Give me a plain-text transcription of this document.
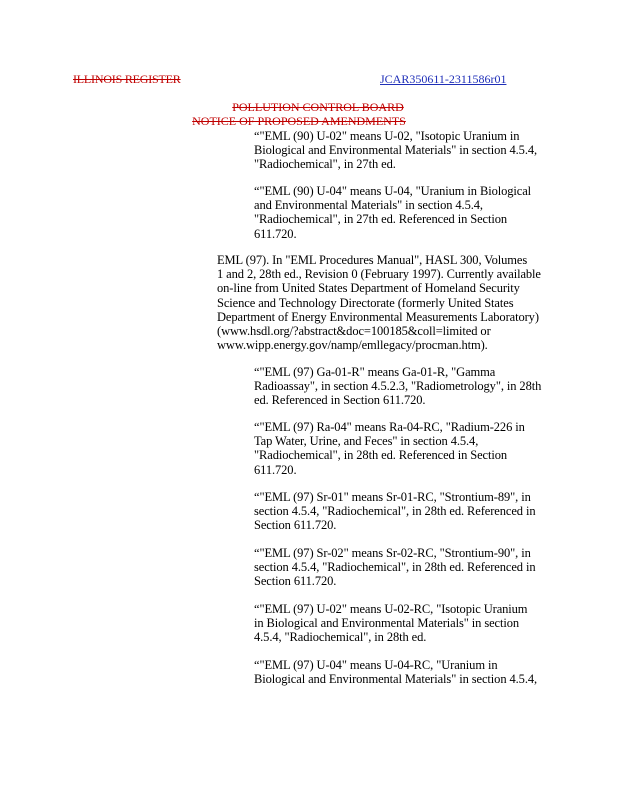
ILLINOIS REGISTER	JCAR350611-2311586r01
POLLUTION CONTROL BOARD
NOTICE OF PROPOSED AMENDMENTS

“"EML (90) U-02" means U-02, "Isotopic Uranium in

Biological and Environmental Materials" in section 4.5.4,

"Radiochemical", in 27th ed.

“"EML (90) U-04" means U-04, "Uranium in Biological

and Environmental Materials" in section 4.5.4,

"Radiochemical", in 27th ed. Referenced in Section

611.720.

EML (97). In "EML Procedures Manual", HASL 300, Volumes

1 and 2, 28th ed., Revision 0 (February 1997). Currently available

on-line from United States Department of Homeland Security

Science and Technology Directorate (formerly United States

Department of Energy Environmental Measurements Laboratory)

(www.hsdl.org/?abstract&doc=100185&coll=limited or

www.wipp.energy.gov/namp/emllegacy/procman.htm).

“"EML (97) Ga-01-R" means Ga-01-R, "Gamma

Radioassay", in section 4.5.2.3, "Radiometrology", in 28th

ed. Referenced in Section 611.720.

“"EML (97) Ra-04" means Ra-04-RC, "Radium-226 in

Tap Water, Urine, and Feces" in section 4.5.4,

"Radiochemical", in 28th ed. Referenced in Section

611.720.

“"EML (97) Sr-01" means Sr-01-RC, "Strontium-89", in

section 4.5.4, "Radiochemical", in 28th ed. Referenced in

Section 611.720.

“"EML (97) Sr-02" means Sr-02-RC, "Strontium-90", in

section 4.5.4, "Radiochemical", in 28th ed. Referenced in

Section 611.720.

“"EML (97) U-02" means U-02-RC, "Isotopic Uranium

in Biological and Environmental Materials" in section

4.5.4, "Radiochemical", in 28th ed.

“"EML (97) U-04" means U-04-RC, "Uranium in

Biological and Environmental Materials" in section 4.5.4,
